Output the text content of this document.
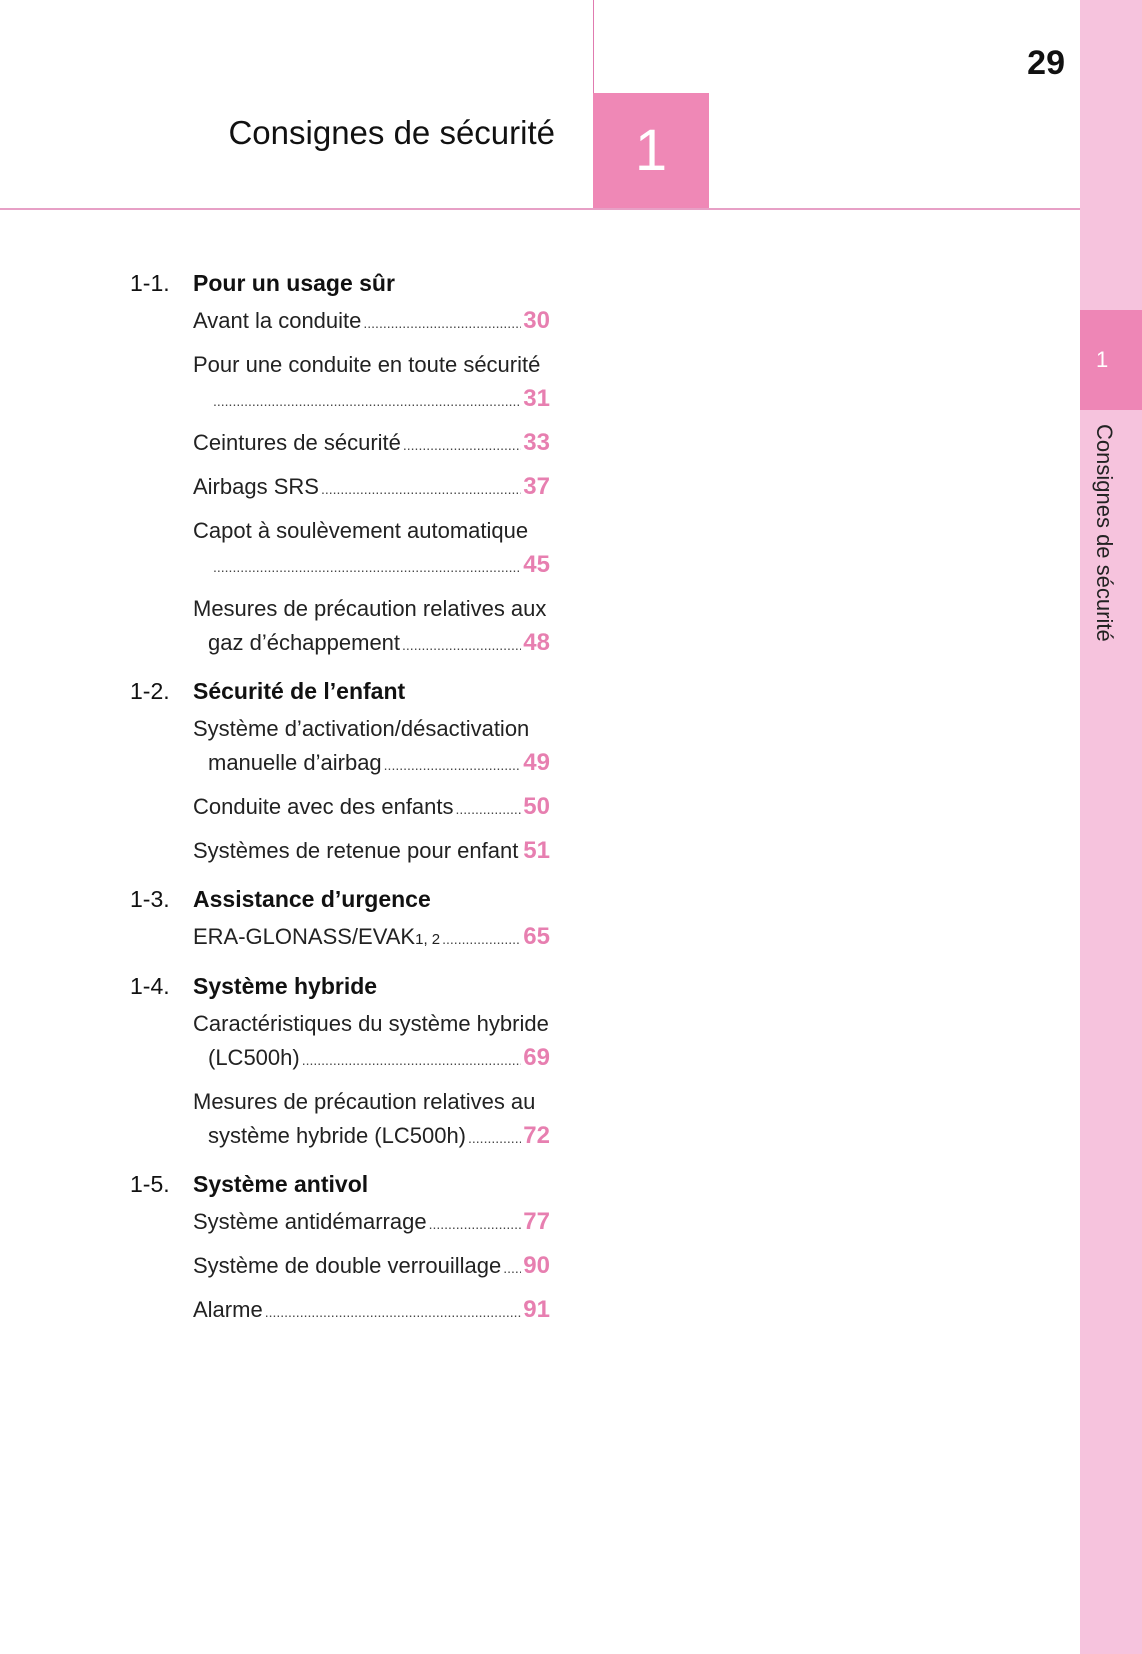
29
Consignes de sécurité	1
1
Consignes de sécurité
1-1.	Pour un usage sûr
Avant la conduite .....	30
Pour une conduite en toute sécurité
.....
31
Ceintures de sécurité .....	33
Airbags SRS .....	37
Capot à soulèvement automatique
.....
45
Mesures de précaution relatives aux
gaz d’échappement .....	48
1-2.	Sécurité de l’enfant
Système d’activation/désactivation
manuelle d’airbag .....	49
Conduite avec des enfants .....	50
Systèmes de retenue pour enfant ..... 51
1-3.	Assistance d’urgence
ERA-GLONASS/EVAK 1, 2 .....	65
1-4.	Système hybride
Caractéristiques du système hybride
(LC500h) .....	69
Mesures de précaution relatives au
système hybride (LC500h) ..... 72
1-5.	Système antivol
Système antidémarrage .....	77
Système de double verrouillage ..... 90
Alarme .....	91
